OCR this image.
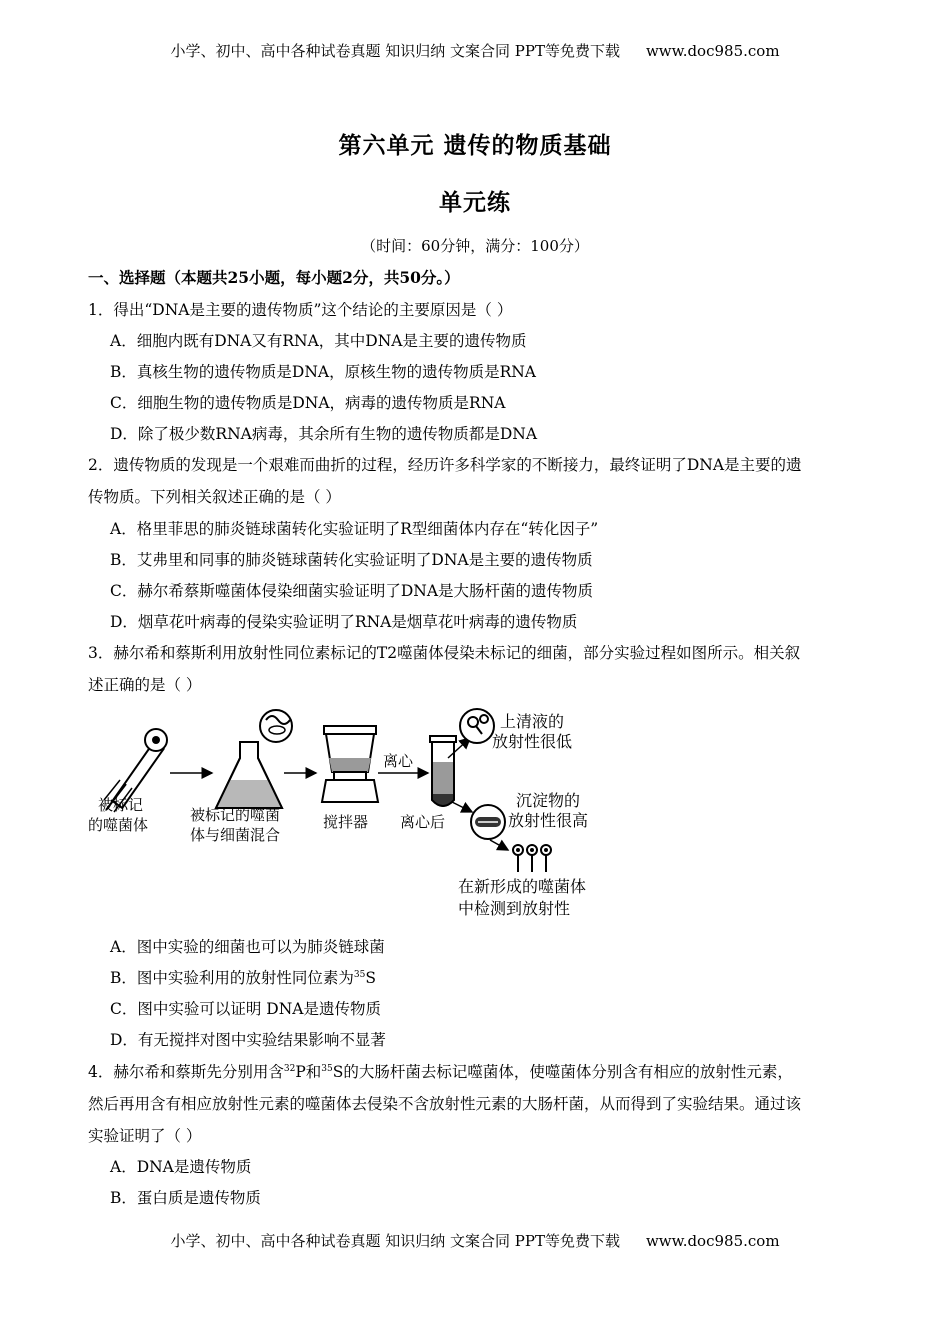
小学、初中、高中各种试卷真题 知识归纳 文案合同 PPT等免费下载 www.doc985.com
第六单元 遗传的物质基础
单元练
（时间：60分钟，满分：100分）
一、选择题（本题共25小题，每小题2分，共50分。）
1．得出“DNA是主要的遗传物质”这个结论的主要原因是（ ）
A．细胞内既有DNA又有RNA，其中DNA是主要的遗传物质
B．真核生物的遗传物质是DNA，原核生物的遗传物质是RNA
C．细胞生物的遗传物质是DNA，病毒的遗传物质是RNA
D．除了极少数RNA病毒，其余所有生物的遗传物质都是DNA
2．遗传物质的发现是一个艰难而曲折的过程，经历许多科学家的不断接力，最终证明了DNA是主要的遗
传物质。下列相关叙述正确的是（ ）
A．格里菲思的肺炎链球菌转化实验证明了R型细菌体内存在“转化因子”
B．艾弗里和同事的肺炎链球菌转化实验证明了DNA是主要的遗传物质
C．赫尔希蔡斯噬菌体侵染细菌实验证明了DNA是大肠杆菌的遗传物质
D．烟草花叶病毒的侵染实验证明了RNA是烟草花叶病毒的遗传物质
3．赫尔希和蔡斯利用放射性同位素标记的T2噬菌体侵染未标记的细菌，部分实验过程如图所示。相关叙
述正确的是（ ）
被标记
的噬菌体
被标记的噬菌
体与细菌混合
搅拌器
离心
离心后
上清液的
放射性很低
沉淀物的
放射性很高
在新形成的噬菌体
中检测到放射性
A．图中实验的细菌也可以为肺炎链球菌
B．图中实验利用的放射性同位素为$^{35}$S
C．图中实验可以证明 DNA是遗传物质
D．有无搅拌对图中实验结果影响不显著
4．赫尔希和蔡斯先分别用含$^{32}$P和$^{35}$S的大肠杆菌去标记噬菌体，使噬菌体分别含有相应的放射性元素，
然后再用含有相应放射性元素的噬菌体去侵染不含放射性元素的大肠杆菌，从而得到了实验结果。通过该
实验证明了（ ）
A．DNA是遗传物质
B．蛋白质是遗传物质
小学、初中、高中各种试卷真题 知识归纳 文案合同 PPT等免费下载 www.doc985.com
